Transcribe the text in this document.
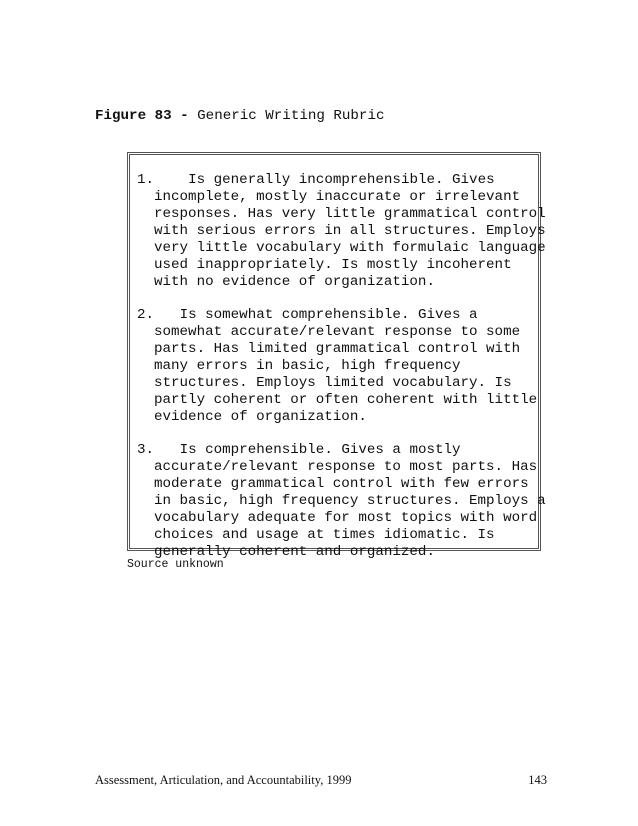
Figure 83 - Generic Writing Rubric

1.    Is generally incomprehensible. Gives incomplete, mostly inaccurate or irrelevant responses. Has very little grammatical control with serious errors in all structures. Employs very little vocabulary with formulaic language used inappropriately. Is mostly incoherent with no evidence of organization.
2.   Is somewhat comprehensible. Gives a somewhat accurate/relevant response to some parts. Has limited grammatical control with many errors in basic, high frequency structures. Employs limited vocabulary. Is partly coherent or often coherent with little evidence of organization.
3.   Is comprehensible. Gives a mostly accurate/relevant response to most parts. Has moderate grammatical control with few errors in basic, high frequency structures. Employs a vocabulary adequate for most topics with word choices and usage at times idiomatic. Is generally coherent and organized.

Source unknown

Assessment, Articulation, and Accountability, 1999	143
